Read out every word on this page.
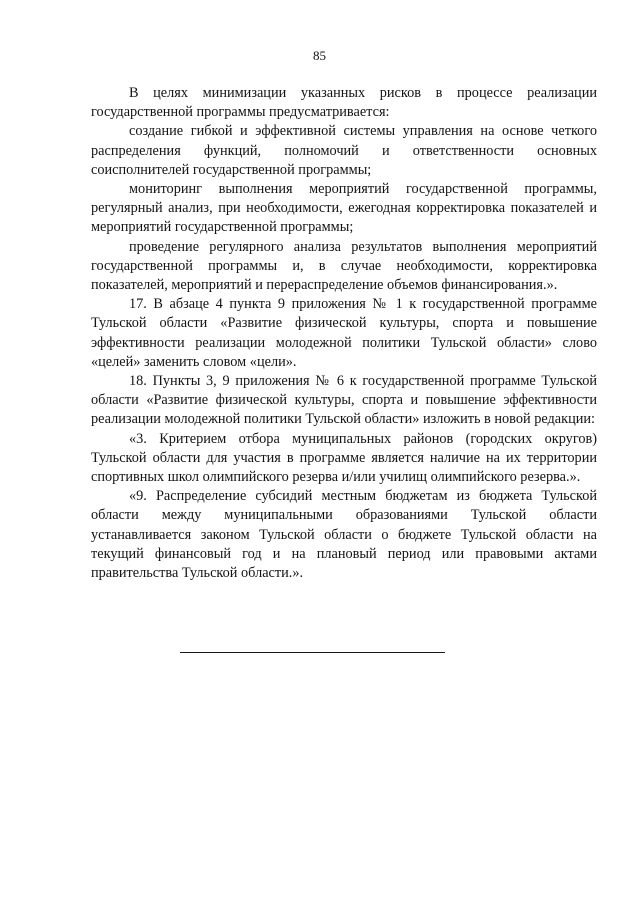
85

В целях минимизации указанных рисков в процессе реализации государственной программы предусматривается:

создание гибкой и эффективной системы управления на основе четкого распределения функций, полномочий и ответственности основных соисполнителей государственной программы;

мониторинг выполнения мероприятий государственной программы, регулярный анализ, при необходимости, ежегодная корректировка показателей и мероприятий государственной программы;

проведение регулярного анализа результатов выполнения мероприятий государственной программы и, в случае необходимости, корректировка показателей, мероприятий и перераспределение объемов финансирования.».

17. В абзаце 4 пункта 9 приложения № 1 к государственной программе Тульской области «Развитие физической культуры, спорта и повышение эффективности реализации молодежной политики Тульской области» слово «целей» заменить словом «цели».

18. Пункты 3, 9 приложения № 6 к государственной программе Тульской области «Развитие физической культуры, спорта и повышение эффективности реализации молодежной политики Тульской области» изложить в новой редакции:

«3. Критерием отбора муниципальных районов (городских округов) Тульской области для участия в программе является наличие на их территории спортивных школ олимпийского резерва и/или училищ олимпийского резерва.».

«9. Распределение субсидий местным бюджетам из бюджета Тульской области между муниципальными образованиями Тульской области устанавливается законом Тульской области о бюджете Тульской области на текущий финансовый год и на плановый период или правовыми актами правительства Тульской области.».
